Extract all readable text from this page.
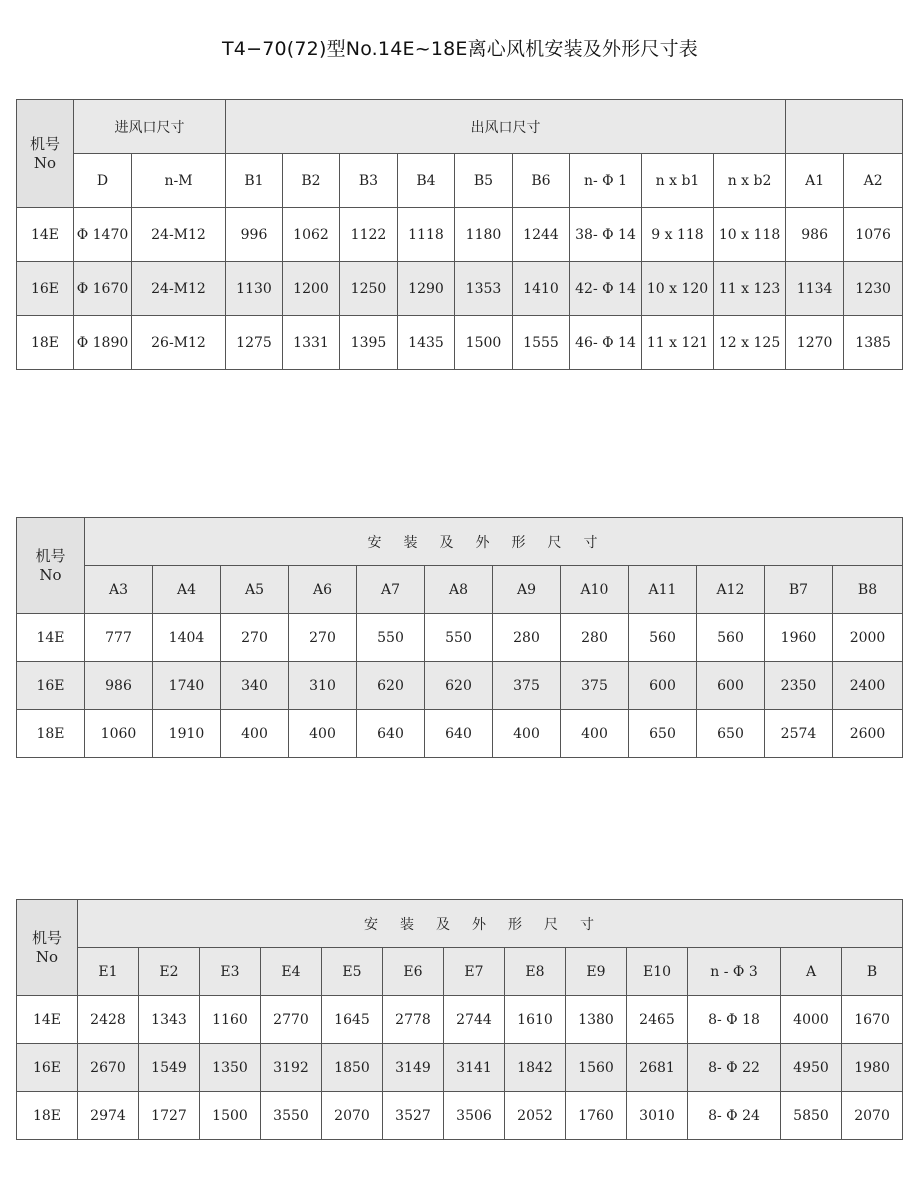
T4−70(72)型No.14E~18E离心风机安装及外形尺寸表
机号
No	进风口尺寸		出风口尺寸										
	D	n-M	B1	B2	B3	B4	B5	B6	n- Φ 1	n x b1	n x b2	A1	A2
14E	Φ 1470	24-M12	996	1062	1122	1118	1180	1244	38- Φ 14	9 x 118	10 x 118	986	1076
16E	Φ 1670	24-M12	1130	1200	1250	1290	1353	1410	42- Φ 14	10 x 120	11 x 123	1134	1230
18E	Φ 1890	26-M12	1275	1331	1395	1435	1500	1555	46- Φ 14	11 x 121	12 x 125	1270	1385
机号
No	安装及外形尺寸											
	A3	A4	A5	A6	A7	A8	A9	A10	A11	A12	B7	B8
14E	777	1404	270	270	550	550	280	280	560	560	1960	2000
16E	986	1740	340	310	620	620	375	375	600	600	2350	2400
18E	1060	1910	400	400	640	640	400	400	650	650	2574	2600
机号
No	安装及外形尺寸												
	E1	E2	E3	E4	E5	E6	E7	E8	E9	E10	n - Φ 3	A	B
14E	2428	1343	1160	2770	1645	2778	2744	1610	1380	2465	8- Φ 18	4000	1670
16E	2670	1549	1350	3192	1850	3149	3141	1842	1560	2681	8- Φ 22	4950	1980
18E	2974	1727	1500	3550	2070	3527	3506	2052	1760	3010	8- Φ 24	5850	2070
